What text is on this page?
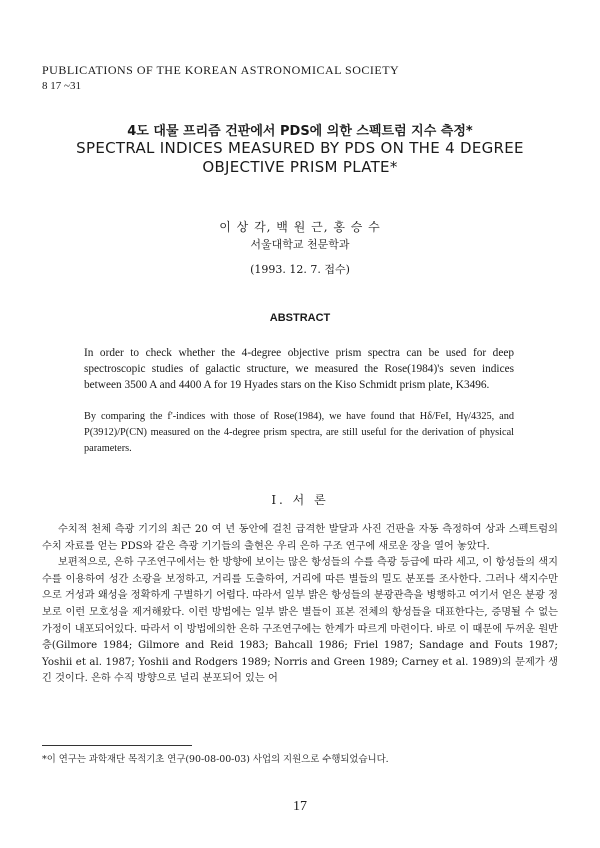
PUBLICATIONS OF THE KOREAN ASTRONOMICAL SOCIETY
8 17 ~31
4도 대물 프리즘 건판에서 PDS에 의한 스펙트럼 지수 측정*
SPECTRAL INDICES MEASURED BY PDS ON THE 4 DEGREE OBJECTIVE PRISM PLATE*
이 상 각, 백 원 근, 홍 승 수
서울대학교 천문학과
(1993. 12. 7. 접수)
ABSTRACT
In order to check whether the 4-degree objective prism spectra can be used for deep spectroscopic studies of galactic structure, we measured the Rose(1984)'s seven indices between 3500 A and 4400 A for 19 Hyades stars on the Kiso Schmidt prism plate, K3496.
By comparing the f'-indices with those of Rose(1984), we have found that Hδ/FeI, Hγ/4325, and P(3912)/P(CN) measured on the 4-degree prism spectra, are still useful for the derivation of physical parameters.
I. 서 론

수치적 천체 측광 기기의 최근 20 여 년 동안에 걸친 급격한 발달과 사진 건판을 자동 측정하여 상과 스펙트럼의 수치 자료를 얻는 PDS와 같은 측광 기기들의 출현은 우리 은하 구조 연구에 새로운 장을 열어 놓았다.

보편적으로, 은하 구조연구에서는 한 방향에 보이는 많은 항성들의 수를 측광 등급에 따라 세고, 이 항성들의 색지수를 이용하여 성간 소광을 보정하고, 거리를 도출하여, 거리에 따른 별들의 밀도 분포를 조사한다. 그러나 색지수만으로 거성과 왜성을 정확하게 구별하기 어렵다. 따라서 일부 밝은 항성들의 분광관측을 병행하고 여기서 얻은 분광 정보로 이런 모호성을 제거해왔다. 이런 방법에는 일부 밝은 별들이 표본 전체의 항성들을 대표한다는, 증명될 수 없는 가정이 내포되어있다. 따라서 이 방법에의한 은하 구조연구에는 한계가 따르게 마련이다. 바로 이 때문에 두꺼운 원반층(Gilmore 1984; Gilmore and Reid 1983; Bahcall 1986; Friel 1987; Sandage and Fouts 1987; Yoshii et al. 1987; Yoshii and Rodgers 1989; Norris and Green 1989; Carney et al. 1989)의 문제가 생긴 것이다. 은하 수직 방향으로 널리 분포되어 있는 어

*이 연구는 과학재단 목적기초 연구(90-08-00-03) 사업의 지원으로 수행되었습니다.
17
